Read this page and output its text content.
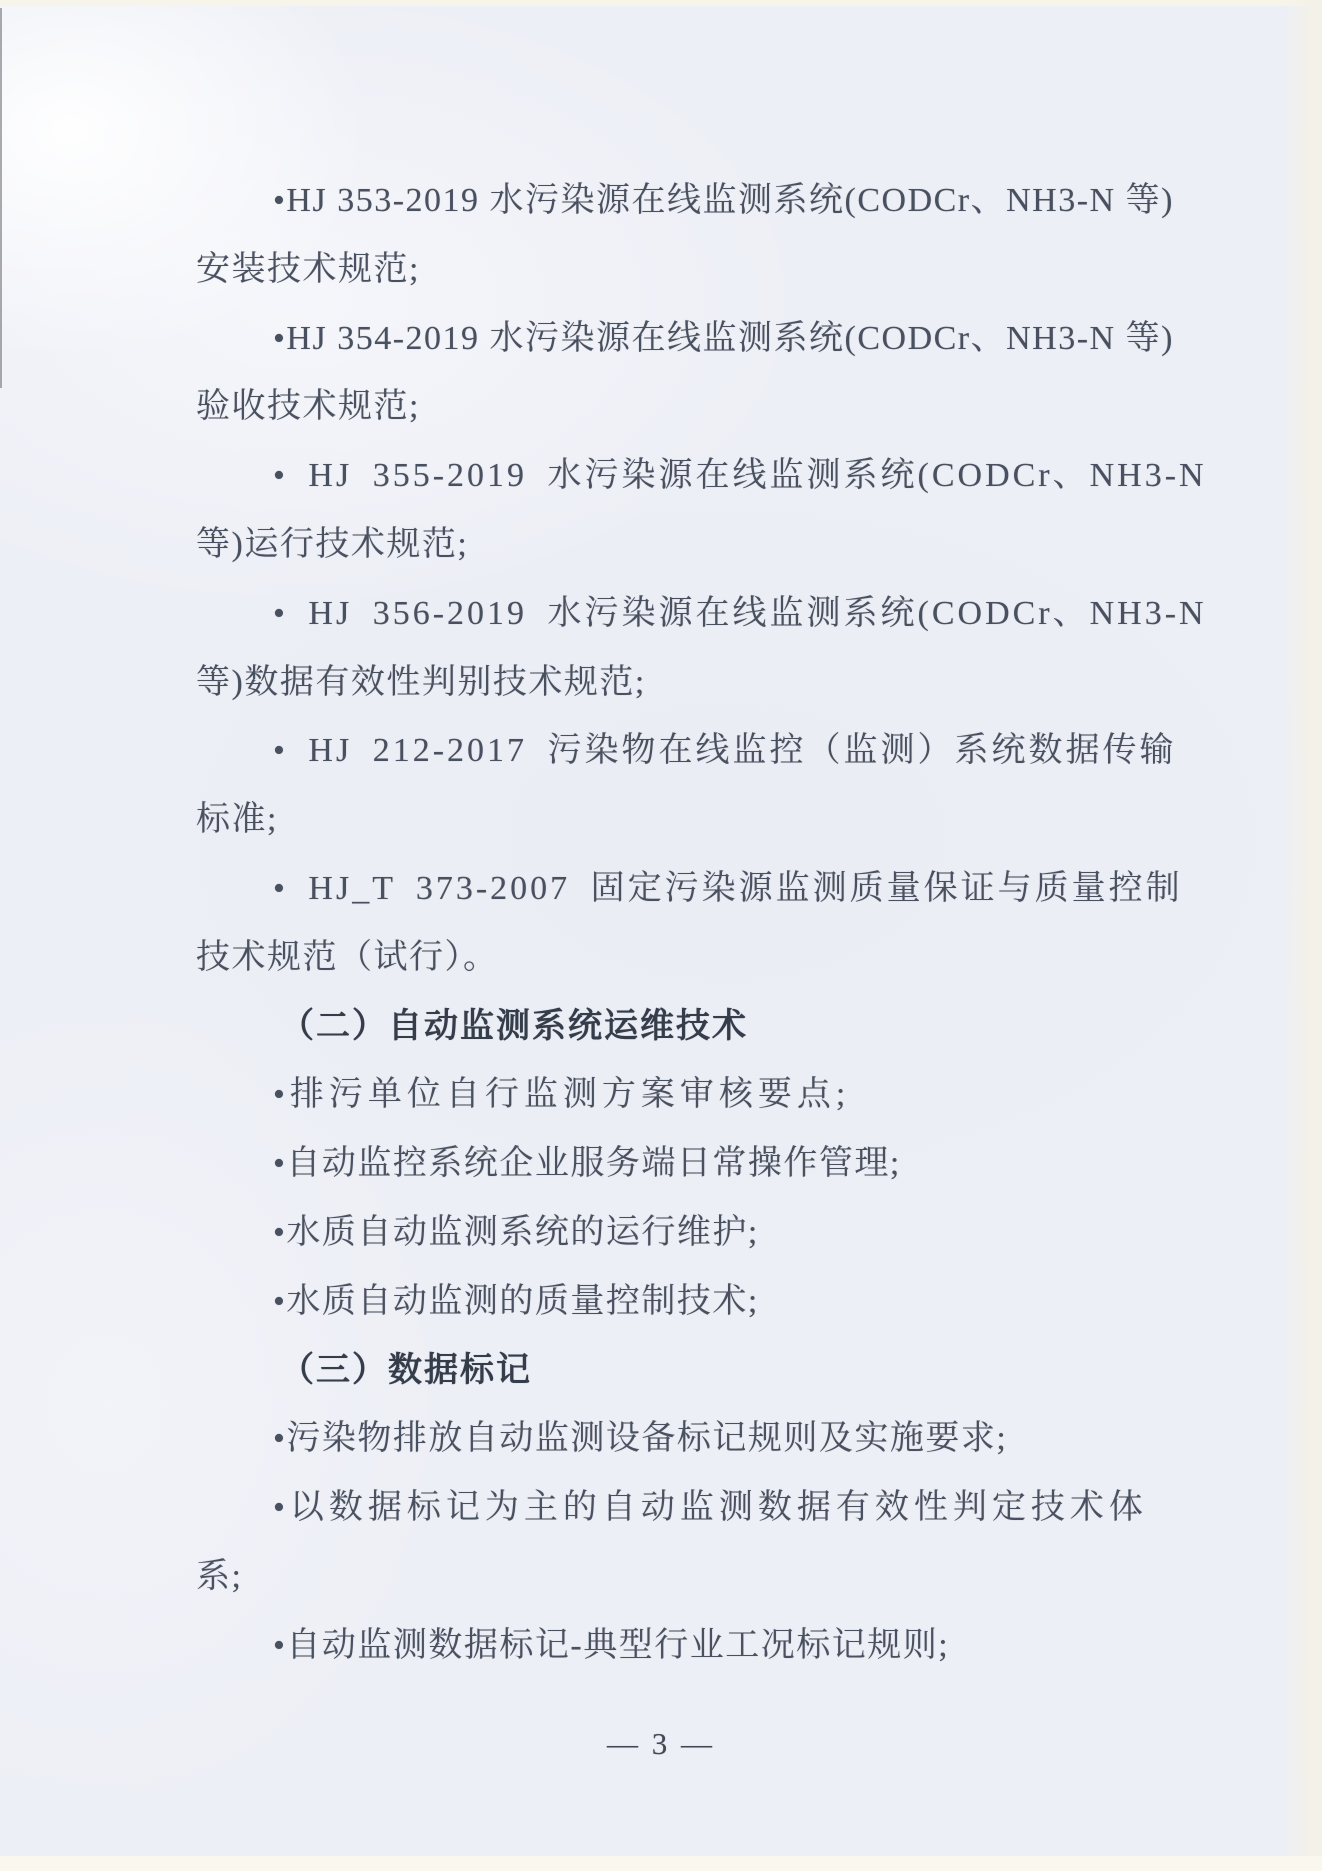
•HJ 353-2019 水污染源在线监测系统(CODCr、NH3-N 等)
安装技术规范;
•HJ 354-2019 水污染源在线监测系统(CODCr、NH3-N 等)
验收技术规范;
• HJ 355-2019 水污染源在线监测系统(CODCr、NH3-N
等)运行技术规范;
• HJ 356-2019 水污染源在线监测系统(CODCr、NH3-N
等)数据有效性判别技术规范;
• HJ 212-2017 污染物在线监控（监测）系统数据传输
标准;
• HJ_T 373-2007 固定污染源监测质量保证与质量控制
技术规范（试行）。
（二）自动监测系统运维技术
•排污单位自行监测方案审核要点;
•自动监控系统企业服务端日常操作管理;
•水质自动监测系统的运行维护;
•水质自动监测的质量控制技术;
（三）数据标记
•污染物排放自动监测设备标记规则及实施要求;
•以数据标记为主的自动监测数据有效性判定技术体
系;
•自动监测数据标记-典型行业工况标记规则;
— 3 —
